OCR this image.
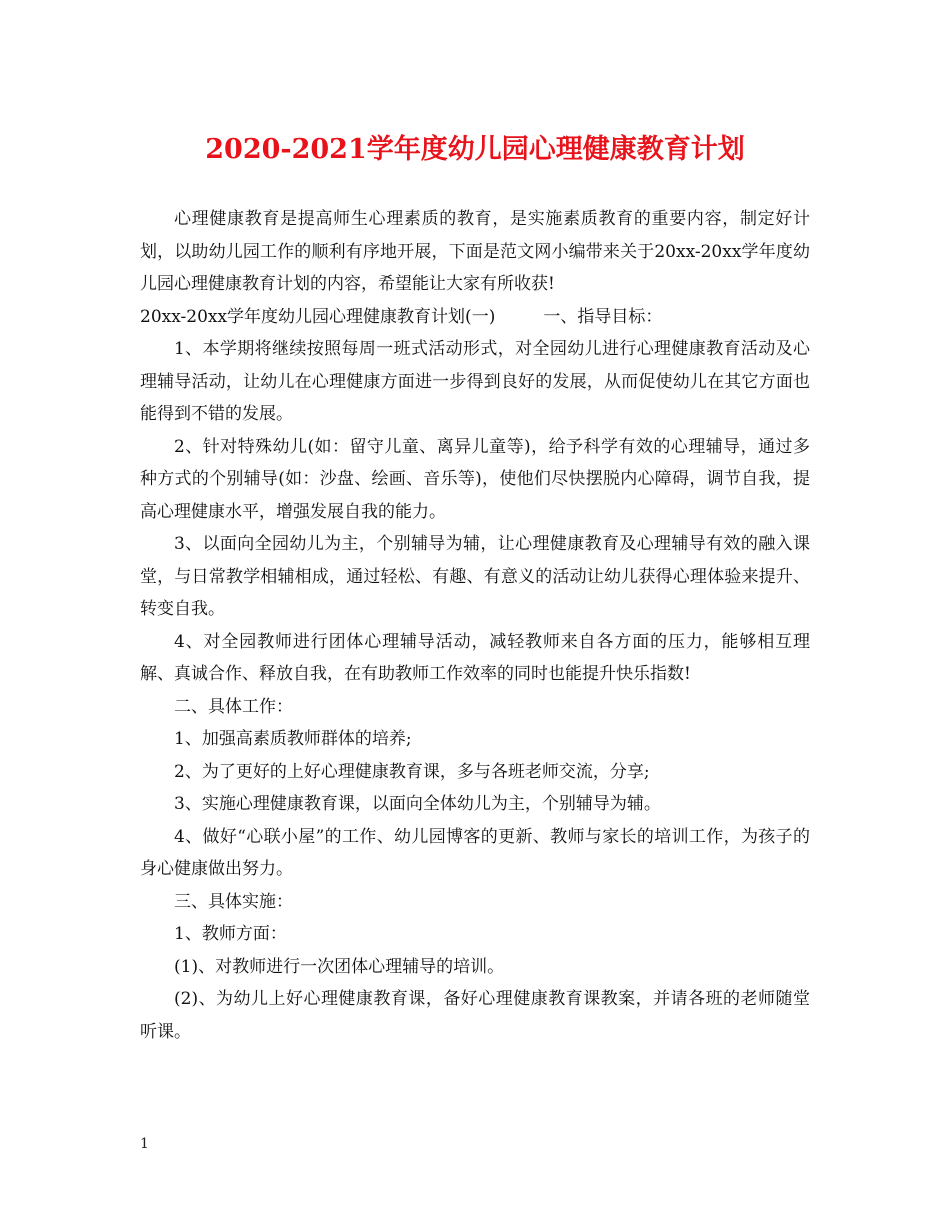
2020-2021学年度幼儿园心理健康教育计划

心理健康教育是提高师生心理素质的教育，是实施素质教育的重要内容，制定好计划，以助幼儿园工作的顺利有序地开展，下面是范文网小编带来关于20xx-20xx学年度幼儿园心理健康教育计划的内容，希望能让大家有所收获!

20xx-20xx学年度幼儿园心理健康教育计划(一)	一、指导目标：

1、本学期将继续按照每周一班式活动形式，对全园幼儿进行心理健康教育活动及心理辅导活动，让幼儿在心理健康方面进一步得到良好的发展，从而促使幼儿在其它方面也能得到不错的发展。

2、针对特殊幼儿(如：留守儿童、离异儿童等)，给予科学有效的心理辅导，通过多种方式的个别辅导(如：沙盘、绘画、音乐等)，使他们尽快摆脱内心障碍，调节自我，提高心理健康水平，增强发展自我的能力。

3、以面向全园幼儿为主，个别辅导为辅，让心理健康教育及心理辅导有效的融入课堂，与日常教学相辅相成，通过轻松、有趣、有意义的活动让幼儿获得心理体验来提升、转变自我。

4、对全园教师进行团体心理辅导活动，减轻教师来自各方面的压力，能够相互理解、真诚合作、释放自我，在有助教师工作效率的同时也能提升快乐指数!

二、具体工作：

1、加强高素质教师群体的培养;

2、为了更好的上好心理健康教育课，多与各班老师交流，分享;

3、实施心理健康教育课，以面向全体幼儿为主，个别辅导为辅。

4、做好“心联小屋”的工作、幼儿园博客的更新、教师与家长的培训工作，为孩子的身心健康做出努力。

三、具体实施：

1、教师方面：

(1)、对教师进行一次团体心理辅导的培训。

(2)、为幼儿上好心理健康教育课，备好心理健康教育课教案，并请各班的老师随堂听课。

1
